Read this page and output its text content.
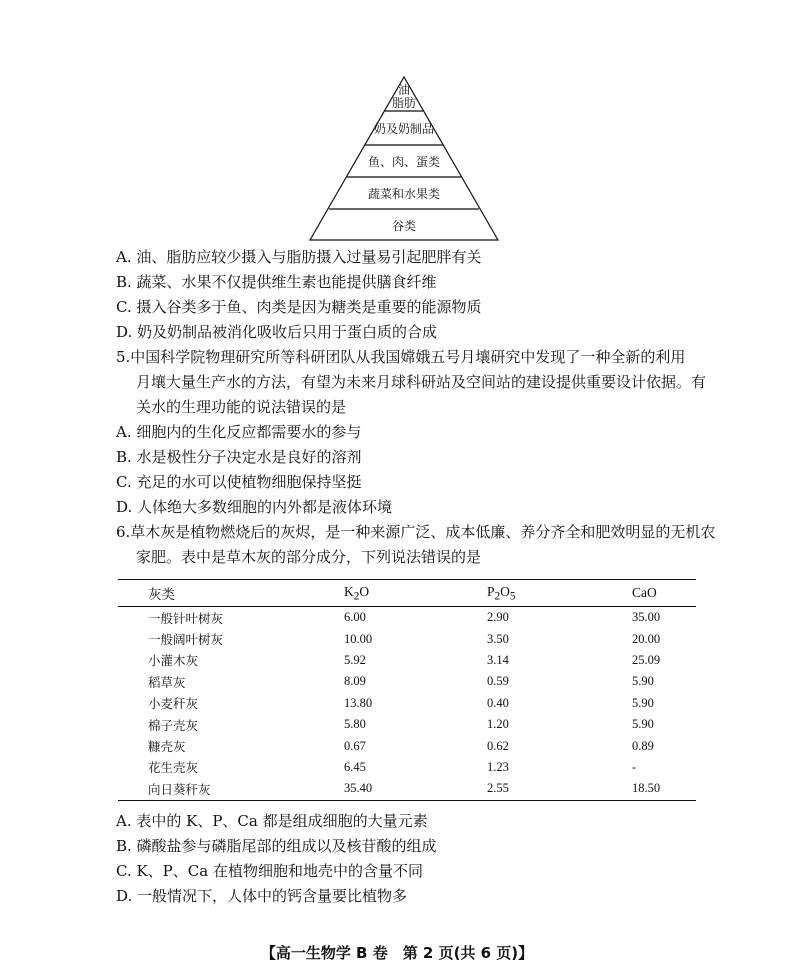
油
脂肪
奶及奶制品
鱼、肉、蛋类
蔬菜和水果类
谷类
A. 油、脂肪应较少摄入与脂肪摄入过量易引起肥胖有关
B. 蔬菜、水果不仅提供维生素也能提供膳食纤维
C. 摄入谷类多于鱼、肉类是因为糖类是重要的能源物质
D. 奶及奶制品被消化吸收后只用于蛋白质的合成
5.中国科学院物理研究所等科研团队从我国嫦娥五号月壤研究中发现了一种全新的利用
月壤大量生产水的方法，有望为未来月球科研站及空间站的建设提供重要设计依据。有
关水的生理功能的说法错误的是
A. 细胞内的生化反应都需要水的参与
B. 水是极性分子决定水是良好的溶剂
C. 充足的水可以使植物细胞保持坚挺
D. 人体绝大多数细胞的内外都是液体环境
6.草木灰是植物燃烧后的灰烬，是一种来源广泛、成本低廉、养分齐全和肥效明显的无机农
家肥。表中是草木灰的部分成分，下列说法错误的是
灰类	$K_2O$	$P_2O_5$	CaO
一般针叶树灰	6.00	2.90	35.00
一般阔叶树灰	10.00	3.50	20.00
小灌木灰	5.92	3.14	25.09
稻草灰	8.09	0.59	5.90
小麦秆灰	13.80	0.40	5.90
棉子壳灰	5.80	1.20	5.90
糠壳灰	0.67	0.62	0.89
花生壳灰	6.45	1.23	-
向日葵秆灰	35.40	2.55	18.50
A. 表中的 K、P、Ca 都是组成细胞的大量元素
B. 磷酸盐参与磷脂尾部的组成以及核苷酸的组成
C. K、P、Ca 在植物细胞和地壳中的含量不同
D. 一般情况下，人体中的钙含量要比植物多
【高一生物学 B 卷　第 2 页(共 6 页)】
